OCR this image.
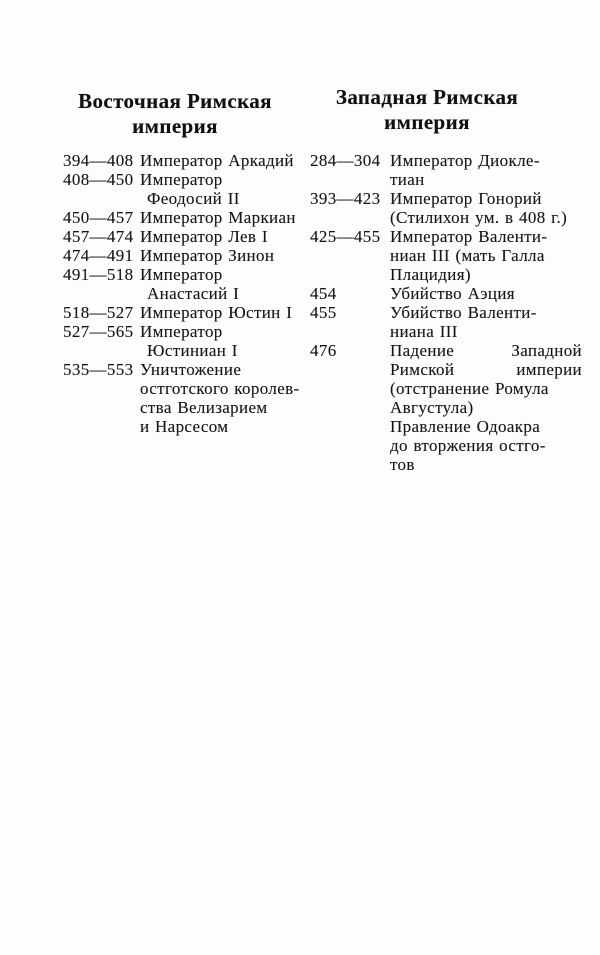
Восточная Римская
империя
Западная Римская
империя
394—408 Император Аркадий
408—450 Император
Феодосий II
450—457 Император Маркиан
457—474 Император Лев I
474—491 Император Зинон
491—518 Император
Анастасий I
518—527 Император Юстин I
527—565 Император
Юстиниан I
535—553 Уничтожение
остготского королев-
ства Велизарием
и Нарсесом
284—304 Император Диокле-
тиан
393—423 Император Гонорий
(Стилихон ум. в 408 г.)
425—455 Император Валенти-
ниан III (мать Галла
Плацидия)
454	Убийство Аэция
455	Убийство Валенти-
ниана III
476	Падение Западной
Римской империи
(отстранение Ромула
Августула)
Правление Одоакра
до вторжения остго-
тов
